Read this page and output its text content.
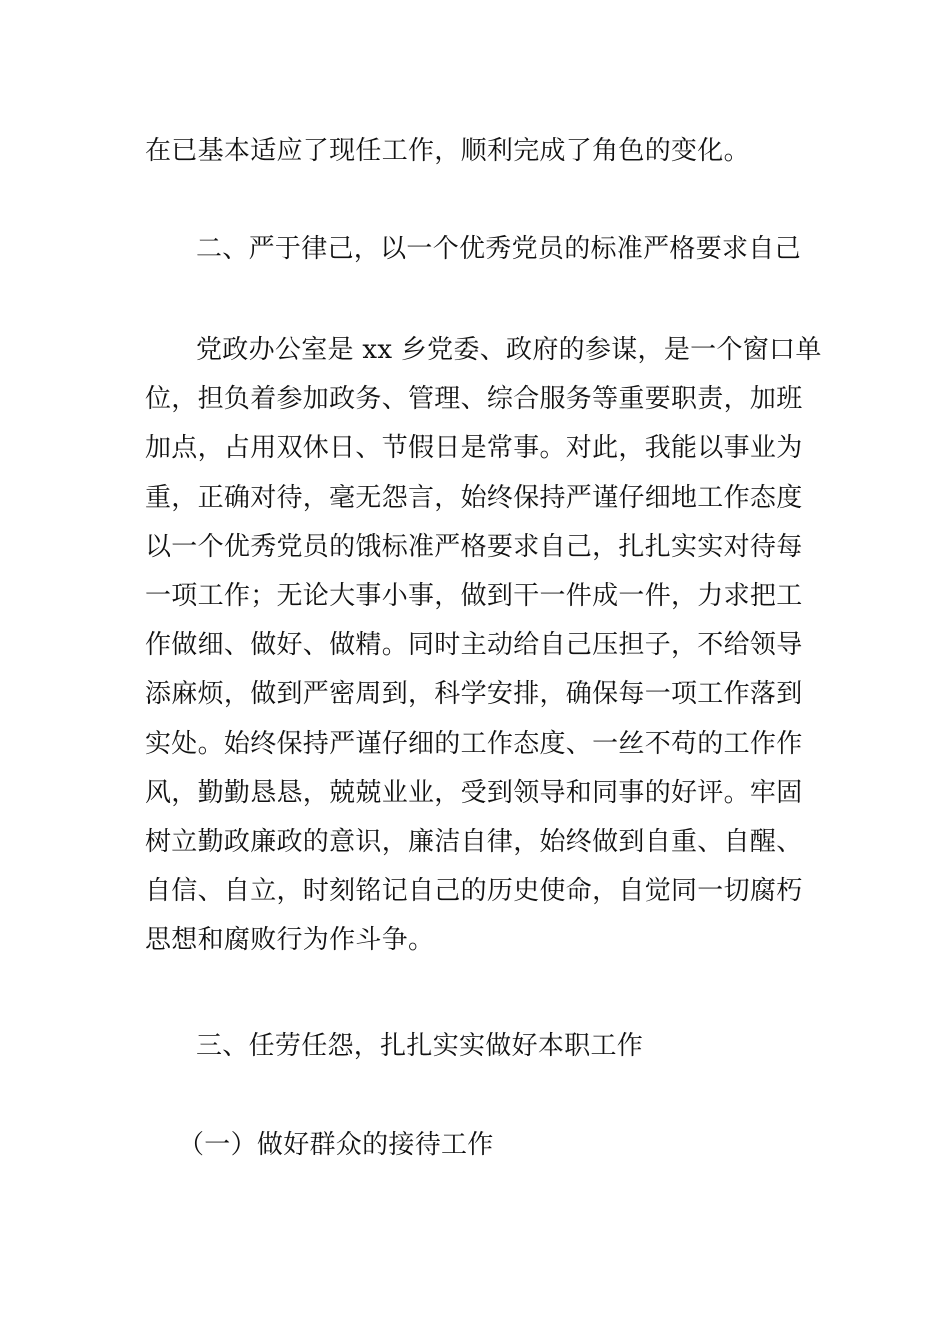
在已基本适应了现任工作，顺利完成了角色的变化。
二、严于律己，以一个优秀党员的标准严格要求自己
党政办公室是 xx 乡党委、政府的参谋，是一个窗口单
位，担负着参加政务、管理、综合服务等重要职责，加班
加点，占用双休日、节假日是常事。对此，我能以事业为
重，正确对待，毫无怨言，始终保持严谨仔细地工作态度
以一个优秀党员的饿标准严格要求自己，扎扎实实对待每
一项工作；无论大事小事，做到干一件成一件，力求把工
作做细、做好、做精。同时主动给自己压担子，不给领导
添麻烦，做到严密周到，科学安排，确保每一项工作落到
实处。始终保持严谨仔细的工作态度、一丝不苟的工作作
风，勤勤恳恳，兢兢业业，受到领导和同事的好评。牢固
树立勤政廉政的意识，廉洁自律，始终做到自重、自醒、
自信、自立，时刻铭记自己的历史使命，自觉同一切腐朽
思想和腐败行为作斗争。
三、任劳任怨，扎扎实实做好本职工作
（一）做好群众的接待工作
